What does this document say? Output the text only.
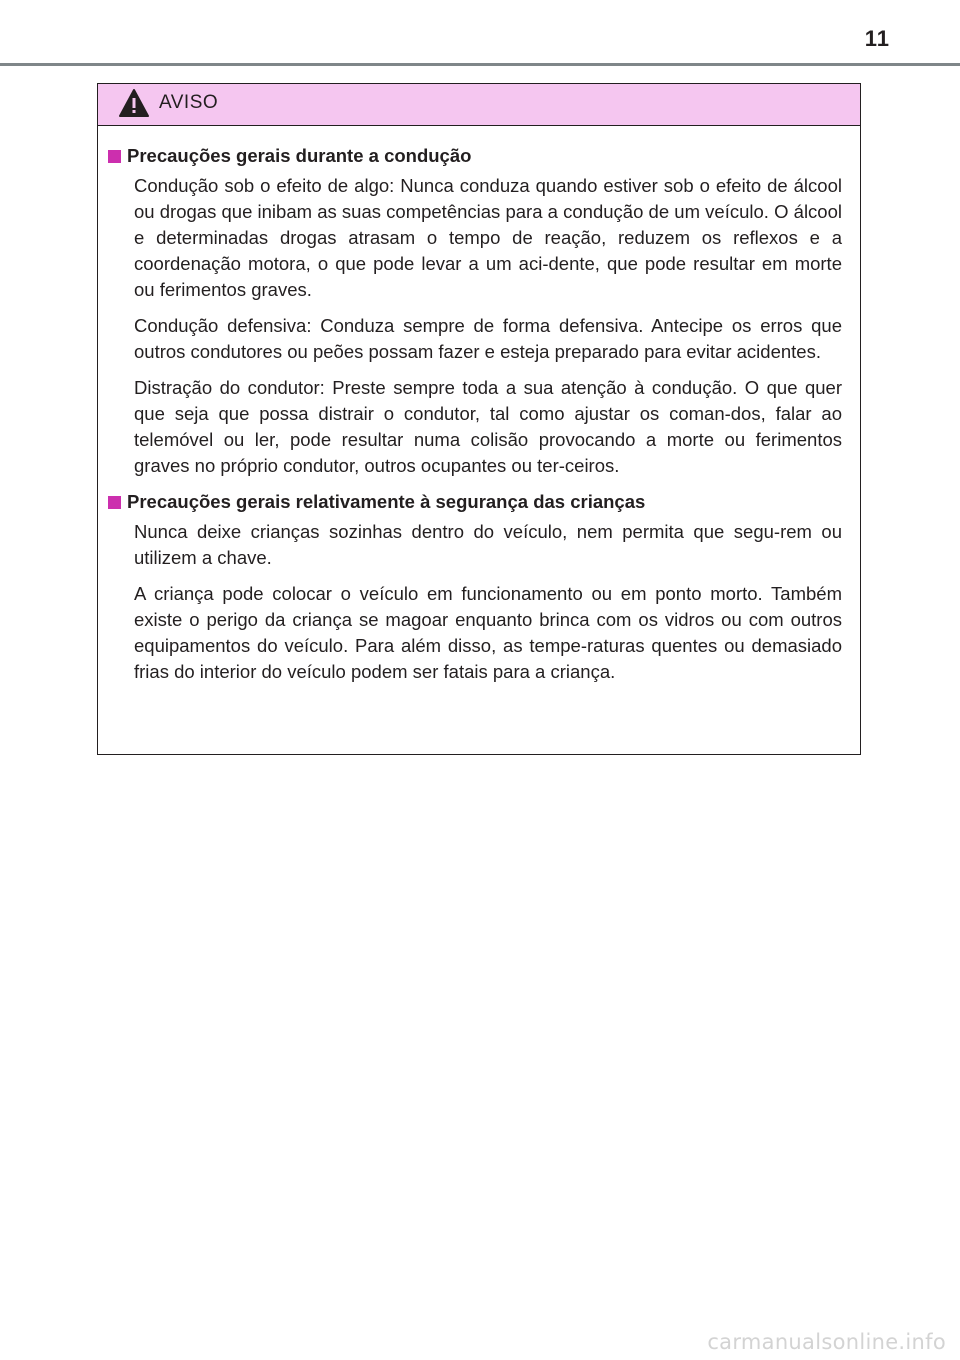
11
AVISO
Precauções gerais durante a condução

Condução sob o efeito de algo: Nunca conduza quando estiver sob o efeito de álcool ou drogas que inibam as suas competências para a condução de um veículo. O álcool e determinadas drogas atrasam o tempo de reação, reduzem os reflexos e a coordenação motora, o que pode levar a um aci-dente, que pode resultar em morte ou ferimentos graves.

Condução defensiva: Conduza sempre de forma defensiva. Antecipe os erros que outros condutores ou peões possam fazer e esteja preparado para evitar acidentes.

Distração do condutor: Preste sempre toda a sua atenção à condução. O que quer que seja que possa distrair o condutor, tal como ajustar os coman-dos, falar ao telemóvel ou ler, pode resultar numa colisão provocando a morte ou ferimentos graves no próprio condutor, outros ocupantes ou ter-ceiros.

Precauções gerais relativamente à segurança das crianças

Nunca deixe crianças sozinhas dentro do veículo, nem permita que segu-rem ou utilizem a chave.

A criança pode colocar o veículo em funcionamento ou em ponto morto. Também existe o perigo da criança se magoar enquanto brinca com os vidros ou com outros equipamentos do veículo. Para além disso, as tempe-raturas quentes ou demasiado frias do interior do veículo podem ser fatais para a criança.

carmanualsonline.info
